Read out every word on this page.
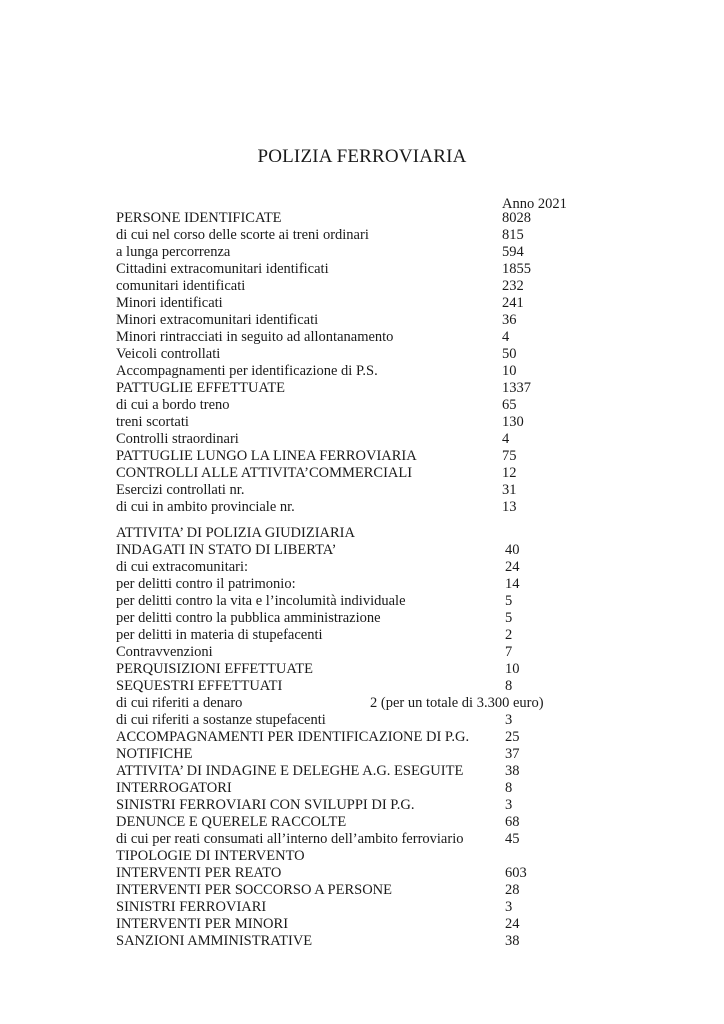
POLIZIA FERROVIARIA
Anno 2021
PERSONE IDENTIFICATE	8028
di cui nel corso delle scorte ai treni ordinari	815
a lunga percorrenza	594
Cittadini extracomunitari identificati	1855
comunitari identificati	232
Minori identificati	241
Minori extracomunitari identificati	36
Minori rintracciati in seguito ad allontanamento	4
Veicoli controllati	50
Accompagnamenti per identificazione di P.S.	10
PATTUGLIE EFFETTUATE	1337
di cui a bordo treno	65
treni scortati	130
Controlli straordinari	4
PATTUGLIE LUNGO LA LINEA FERROVIARIA	75
CONTROLLI ALLE ATTIVITA’COMMERCIALI	12
Esercizi controllati nr.	31
di cui in ambito provinciale nr.	13
ATTIVITA’ DI POLIZIA GIUDIZIARIA
INDAGATI IN STATO DI LIBERTA’	40
di cui extracomunitari:	24
per delitti contro il patrimonio:	14
per delitti contro la vita e l’incolumità individuale	5
per delitti contro la pubblica amministrazione	5
per delitti in materia di stupefacenti	2
Contravvenzioni	7
PERQUISIZIONI EFFETTUATE	10
SEQUESTRI EFFETTUATI	8
di cui riferiti a denaro	2 (per un totale di 3.300 euro)
di cui riferiti a sostanze stupefacenti	3
ACCOMPAGNAMENTI PER IDENTIFICAZIONE DI P.G. 25
NOTIFICHE	37
ATTIVITA’ DI INDAGINE E DELEGHE A.G. ESEGUITE	38
INTERROGATORI	8
SINISTRI FERROVIARI CON SVILUPPI DI P.G.	3
DENUNCE E QUERELE RACCOLTE	68
di cui per reati consumati all’interno dell’ambito ferroviario	45
TIPOLOGIE DI INTERVENTO
INTERVENTI PER REATO	603
INTERVENTI PER SOCCORSO A PERSONE	28
SINISTRI FERROVIARI	3
INTERVENTI PER MINORI	24
SANZIONI AMMINISTRATIVE	38
